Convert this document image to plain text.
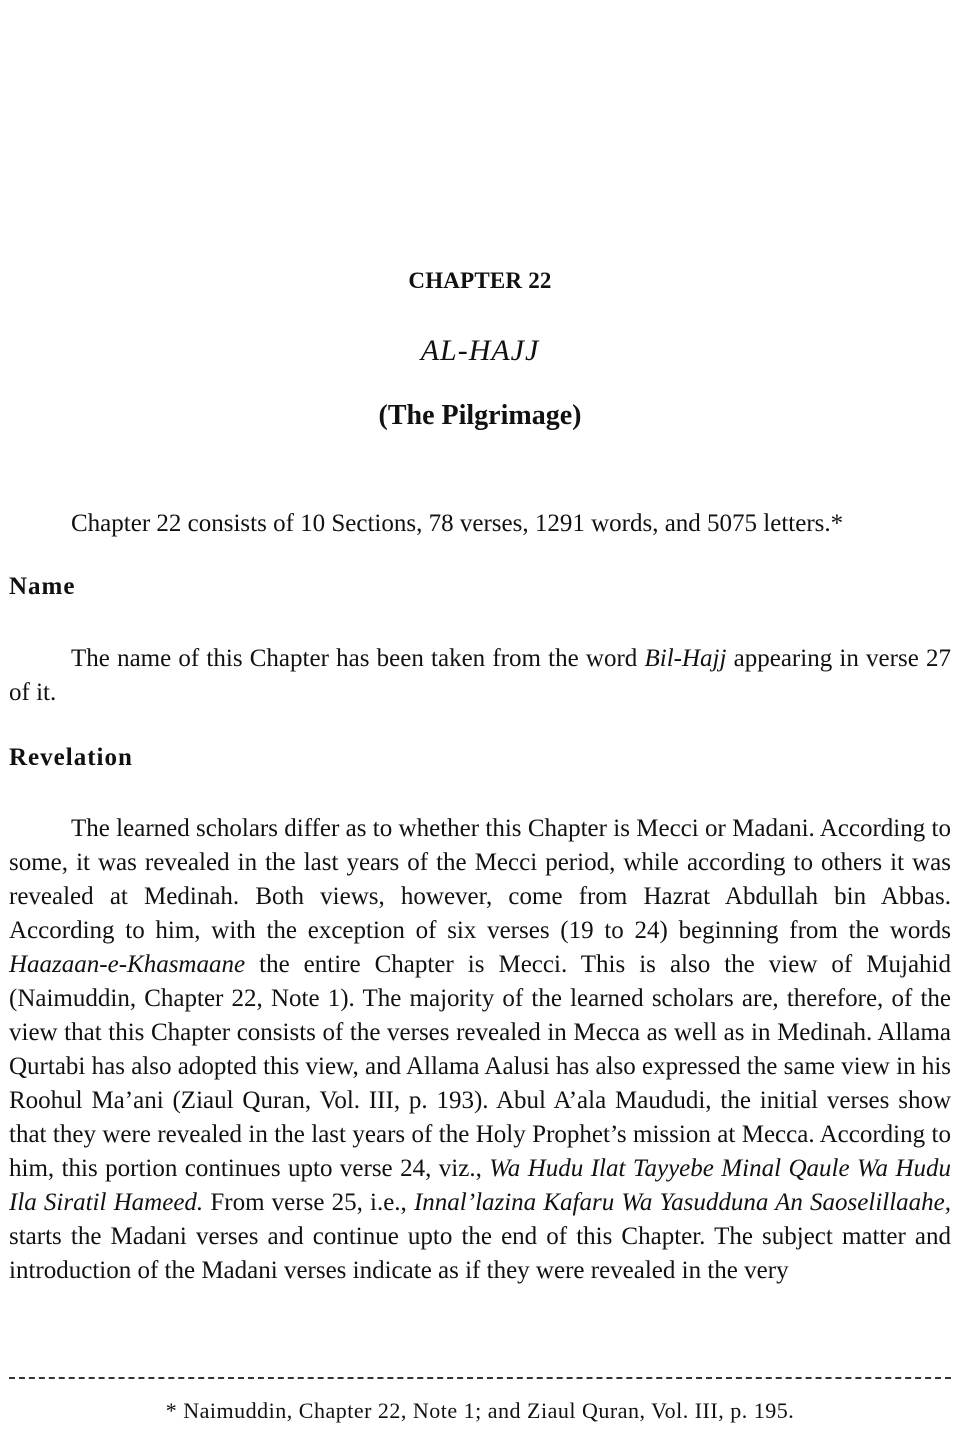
CHAPTER 22
AL-HAJJ
(The Pilgrimage)

Chapter 22 consists of 10 Sections, 78 verses, 1291 words, and 5075 letters.*

Name

The name of this Chapter has been taken from the word Bil-Hajj appearing in verse 27 of it.

Revelation

The learned scholars differ as to whether this Chapter is Mecci or Madani. According to some, it was revealed in the last years of the Mecci period, while according to others it was revealed at Medinah. Both views, however, come from Hazrat Abdullah bin Abbas. According to him, with the exception of six verses (19 to 24) beginning from the words Haazaan-e-Khasmaane the entire Chapter is Mecci. This is also the view of Mujahid (Naimuddin, Chapter 22, Note 1). The majority of the learned scholars are, therefore, of the view that this Chapter consists of the verses revealed in Mecca as well as in Medinah. Allama Qurtabi has also adopted this view, and Allama Aalusi has also expressed the same view in his Roohul Ma’ani (Ziaul Quran, Vol. III, p. 193). Abul A’ala Maududi, the initial verses show that they were revealed in the last years of the Holy Prophet’s mission at Mecca. According to him, this portion continues upto verse 24, viz., Wa Hudu Ilat Tayyebe Minal Qaule Wa Hudu Ila Siratil Hameed. From verse 25, i.e., Innal’lazina Kafaru Wa Yasudduna An Saoselillaahe, starts the Madani verses and continue upto the end of this Chapter. The subject matter and introduction of the Madani verses indicate as if they were revealed in the very

* Naimuddin, Chapter 22, Note 1; and Ziaul Quran, Vol. III, p. 195.
